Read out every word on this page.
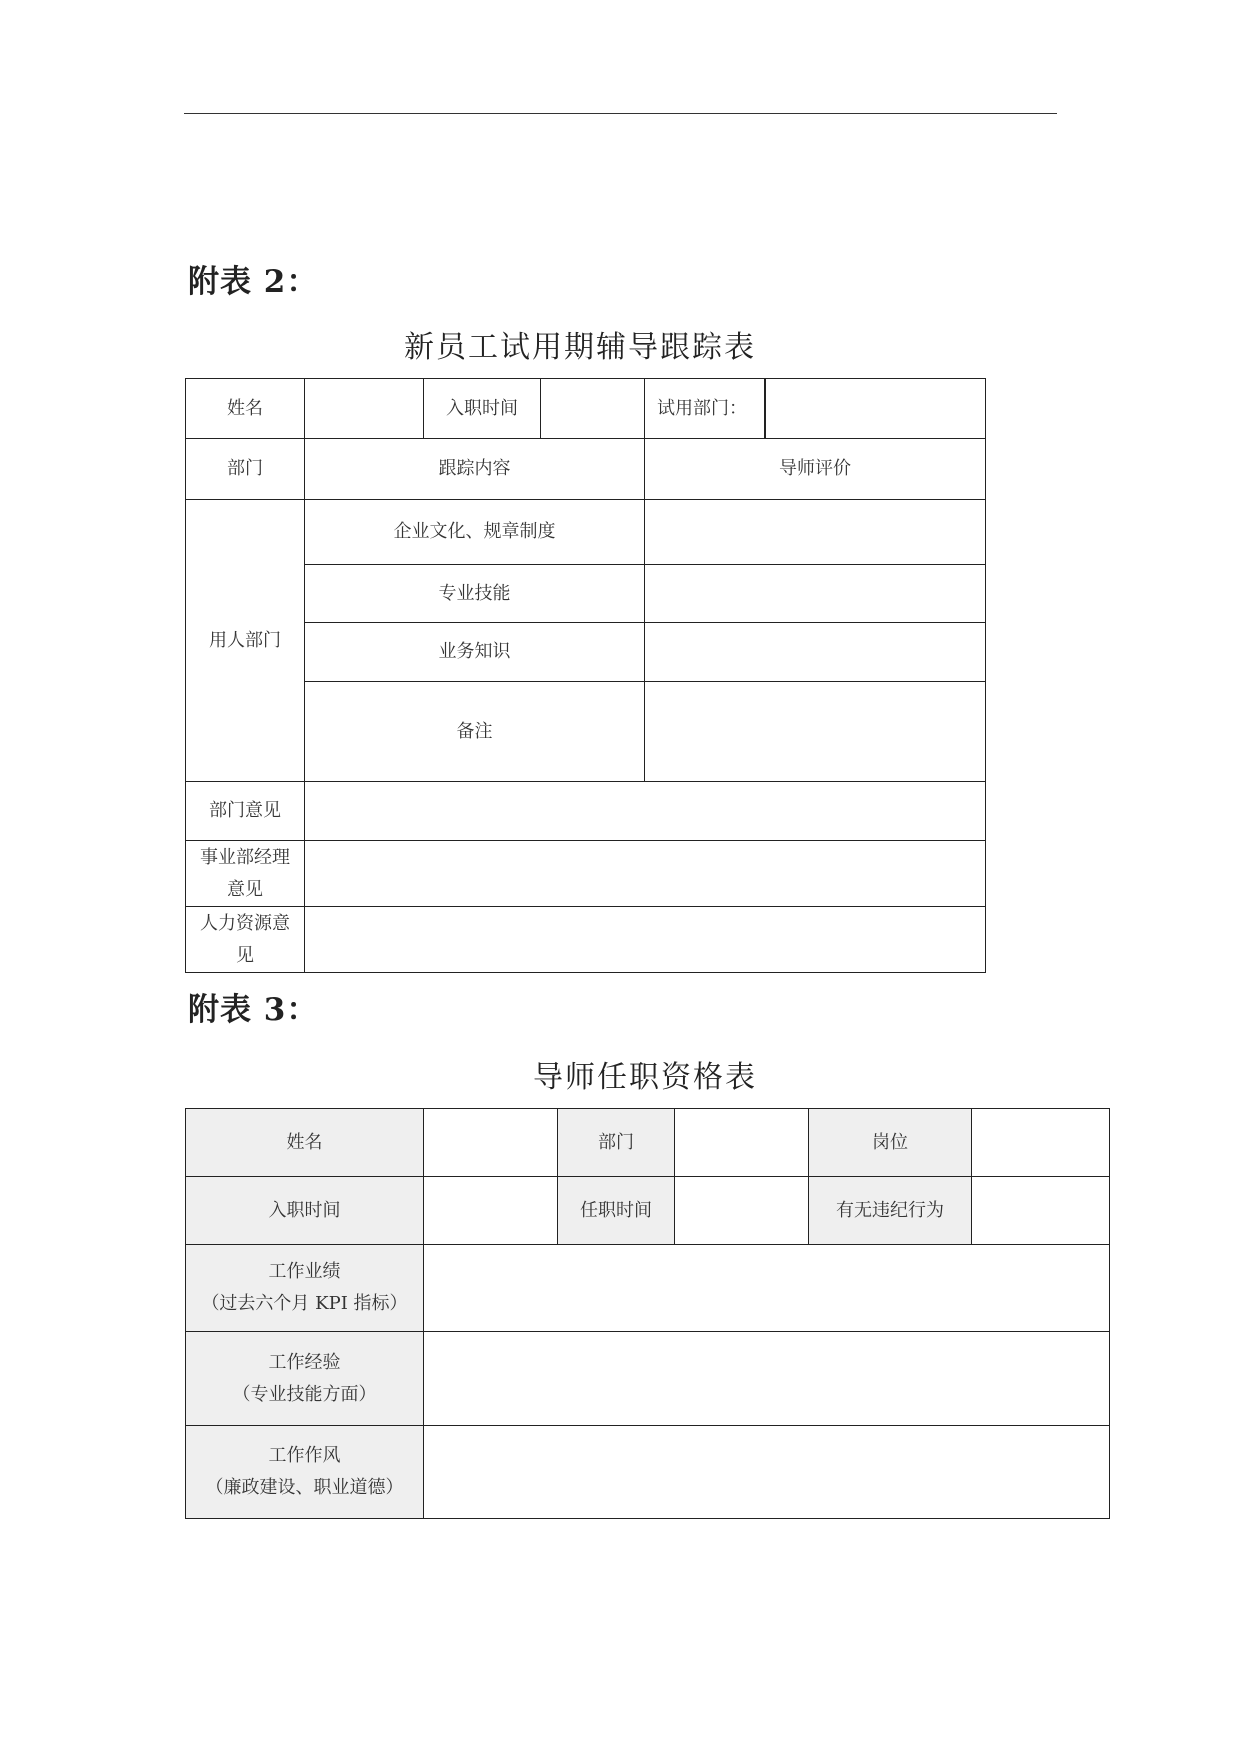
附表 2：
新员工试用期辅导跟踪表
姓名		入职时间		试用部门：	
部门	跟踪内容			导师评价	
用人部门	企业文化、规章制度				
	专业技能				
	业务知识				
	备注				
部门意见					

事业部经理
意见					

人力资源意
见					

附表 3：
导师任职资格表
姓名		部门		岗位	
入职时间		任职时间		有无违纪行为	

工作业绩
（过去六个月 KPI 指标）					

工作经验
（专业技能方面）					

工作作风
（廉政建设、职业道德）					
